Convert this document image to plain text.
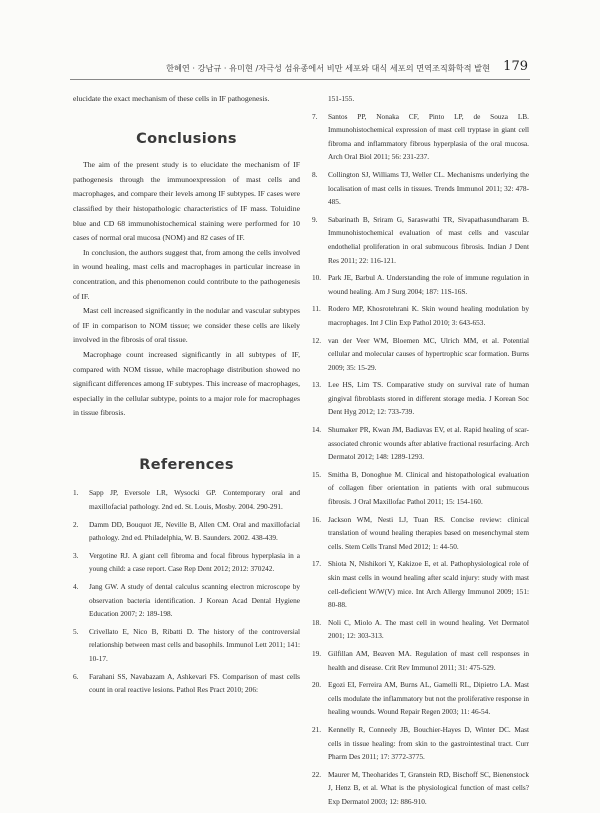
한혜연 · 강남규 · 유미현 /자극성 섬유종에서 비만 세포와 대식 세포의 면역조직화학적 발현 179

elucidate the exact mechanism of these cells in IF pathogenesis.

Conclusions

The aim of the present study is to elucidate the mechanism of IF pathogenesis through the immunoexpression of mast cells and macrophages, and compare their levels among IF subtypes. IF cases were classified by their histopathologic characteristics of IF mass. Toluidine blue and CD 68 immunohistochemical staining were performed for 10 cases of normal oral mucosa (NOM) and 82 cases of IF.

In conclusion, the authors suggest that, from among the cells involved in wound healing, mast cells and macrophages in particular increase in concentration, and this phenomenon could contribute to the pathogenesis of IF.

Mast cell increased significantly in the nodular and vascular subtypes of IF in comparison to NOM tissue; we consider these cells are likely involved in the fibrosis of oral tissue.

Macrophage count increased significantly in all subtypes of IF, compared with NOM tissue, while macrophage distribution showed no significant differences among IF subtypes. This increase of macrophages, especially in the cellular subtype, points to a major role for macrophages in tissue fibrosis.

References
1. Sapp JP, Eversole LR, Wysocki GP. Contemporary oral and maxillofacial pathology. 2nd ed. St. Louis, Mosby. 2004. 290-291.
2. Damm DD, Bouquot JE, Neville B, Allen CM. Oral and maxillofacial pathology. 2nd ed. Philadelphia, W. B. Saunders. 2002. 438-439.
3. Vergotine RJ. A giant cell fibroma and focal fibrous hyperplasia in a young child: a case report. Case Rep Dent 2012; 2012: 370242.
4. Jang GW. A study of dental calculus scanning electron microscope by observation bacteria identification. J Korean Acad Dental Hygiene Education 2007; 2: 189-198.
5. Crivellato E, Nico B, Ribatti D. The history of the controversial relationship between mast cells and basophils. Immunol Lett 2011; 141: 10-17.
6. Farahani SS, Navabazam A, Ashkevari FS. Comparison of mast cells count in oral reactive lesions. Pathol Res Pract 2010; 206:
151-155.
7. Santos PP, Nonaka CF, Pinto LP, de Souza LB. Immunohistochemical expression of mast cell tryptase in giant cell fibroma and inflammatory fibrous hyperplasia of the oral mucosa. Arch Oral Biol 2011; 56: 231-237.
8. Collington SJ, Williams TJ, Weller CL. Mechanisms underlying the localisation of mast cells in tissues. Trends Immunol 2011; 32: 478-485.
9. Sabarinath B, Sriram G, Saraswathi TR, Sivapathasundharam B. Immunohistochemical evaluation of mast cells and vascular endothelial proliferation in oral submucous fibrosis. Indian J Dent Res 2011; 22: 116-121.
10. Park JE, Barbul A. Understanding the role of immune regulation in wound healing. Am J Surg 2004; 187: 11S-16S.
11. Rodero MP, Khosrotehrani K. Skin wound healing modulation by macrophages. Int J Clin Exp Pathol 2010; 3: 643-653.
12. van der Veer WM, Bloemen MC, Ulrich MM, et al. Potential cellular and molecular causes of hypertrophic scar formation. Burns 2009; 35: 15-29.
13. Lee HS, Lim TS. Comparative study on survival rate of human gingival fibroblasts stored in different storage media. J Korean Soc Dent Hyg 2012; 12: 733-739.
14. Shumaker PR, Kwan JM, Badiavas EV, et al. Rapid healing of scar-associated chronic wounds after ablative fractional resurfacing. Arch Dermatol 2012; 148: 1289-1293.
15. Smitha B, Donoghue M. Clinical and histopathological evaluation of collagen fiber orientation in patients with oral submucous fibrosis. J Oral Maxillofac Pathol 2011; 15: 154-160.
16. Jackson WM, Nesti LJ, Tuan RS. Concise review: clinical translation of wound healing therapies based on mesenchymal stem cells. Stem Cells Transl Med 2012; 1: 44-50.
17. Shiota N, Nishikori Y, Kakizoe E, et al. Pathophysiological role of skin mast cells in wound healing after scald injury: study with mast cell-deficient W/W(V) mice. Int Arch Allergy Immunol 2009; 151: 80-88.
18. Noli C, Miolo A. The mast cell in wound healing. Vet Dermatol 2001; 12: 303-313.
19. Gilfillan AM, Beaven MA. Regulation of mast cell responses in health and disease. Crit Rev Immunol 2011; 31: 475-529.
20. Egozi EI, Ferreira AM, Burns AL, Gamelli RL, Dipietro LA. Mast cells modulate the inflammatory but not the proliferative response in healing wounds. Wound Repair Regen 2003; 11: 46-54.
21. Kennelly R, Conneely JB, Bouchier-Hayes D, Winter DC. Mast cells in tissue healing: from skin to the gastrointestinal tract. Curr Pharm Des 2011; 17: 3772-3775.
22. Maurer M, Theoharides T, Granstein RD, Bischoff SC, Bienenstock J, Henz B, et al. What is the physiological function of mast cells? Exp Dermatol 2003; 12: 886-910.
